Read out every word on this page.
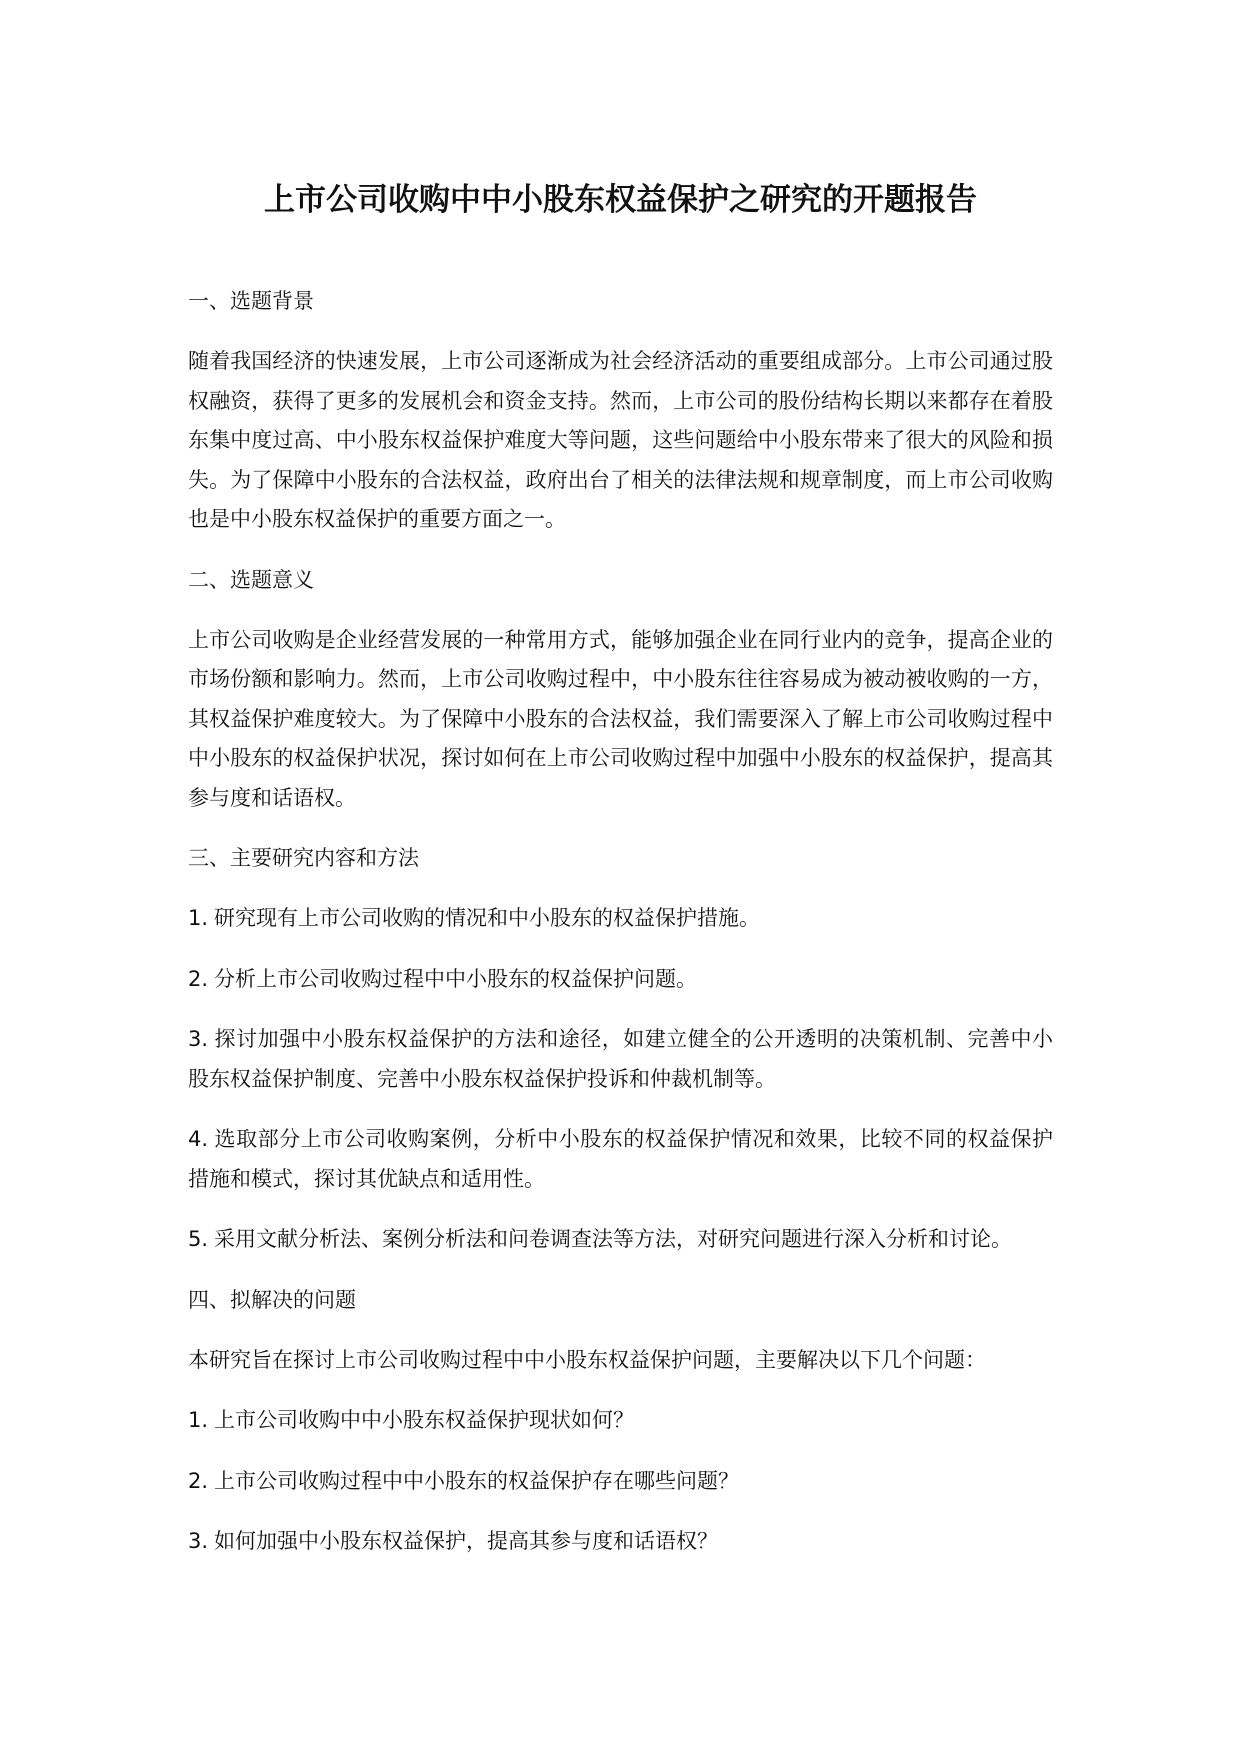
上市公司收购中中小股东权益保护之研究的开题报告
一、选题背景

随着我国经济的快速发展，上市公司逐渐成为社会经济活动的重要组成部分。上市公司通过股权融资，获得了更多的发展机会和资金支持。然而，上市公司的股份结构长期以来都存在着股东集中度过高、中小股东权益保护难度大等问题，这些问题给中小股东带来了很大的风险和损失。为了保障中小股东的合法权益，政府出台了相关的法律法规和规章制度，而上市公司收购也是中小股东权益保护的重要方面之一。

二、选题意义

上市公司收购是企业经营发展的一种常用方式，能够加强企业在同行业内的竞争，提高企业的市场份额和影响力。然而，上市公司收购过程中，中小股东往往容易成为被动被收购的一方，其权益保护难度较大。为了保障中小股东的合法权益，我们需要深入了解上市公司收购过程中中小股东的权益保护状况，探讨如何在上市公司收购过程中加强中小股东的权益保护，提高其参与度和话语权。

三、主要研究内容和方法

1. 研究现有上市公司收购的情况和中小股东的权益保护措施。

2. 分析上市公司收购过程中中小股东的权益保护问题。

3. 探讨加强中小股东权益保护的方法和途径，如建立健全的公开透明的决策机制、完善中小股东权益保护制度、完善中小股东权益保护投诉和仲裁机制等。

4. 选取部分上市公司收购案例，分析中小股东的权益保护情况和效果，比较不同的权益保护措施和模式，探讨其优缺点和适用性。

5. 采用文献分析法、案例分析法和问卷调查法等方法，对研究问题进行深入分析和讨论。

四、拟解决的问题

本研究旨在探讨上市公司收购过程中中小股东权益保护问题，主要解决以下几个问题：

1. 上市公司收购中中小股东权益保护现状如何？

2. 上市公司收购过程中中小股东的权益保护存在哪些问题？

3. 如何加强中小股东权益保护，提高其参与度和话语权？
